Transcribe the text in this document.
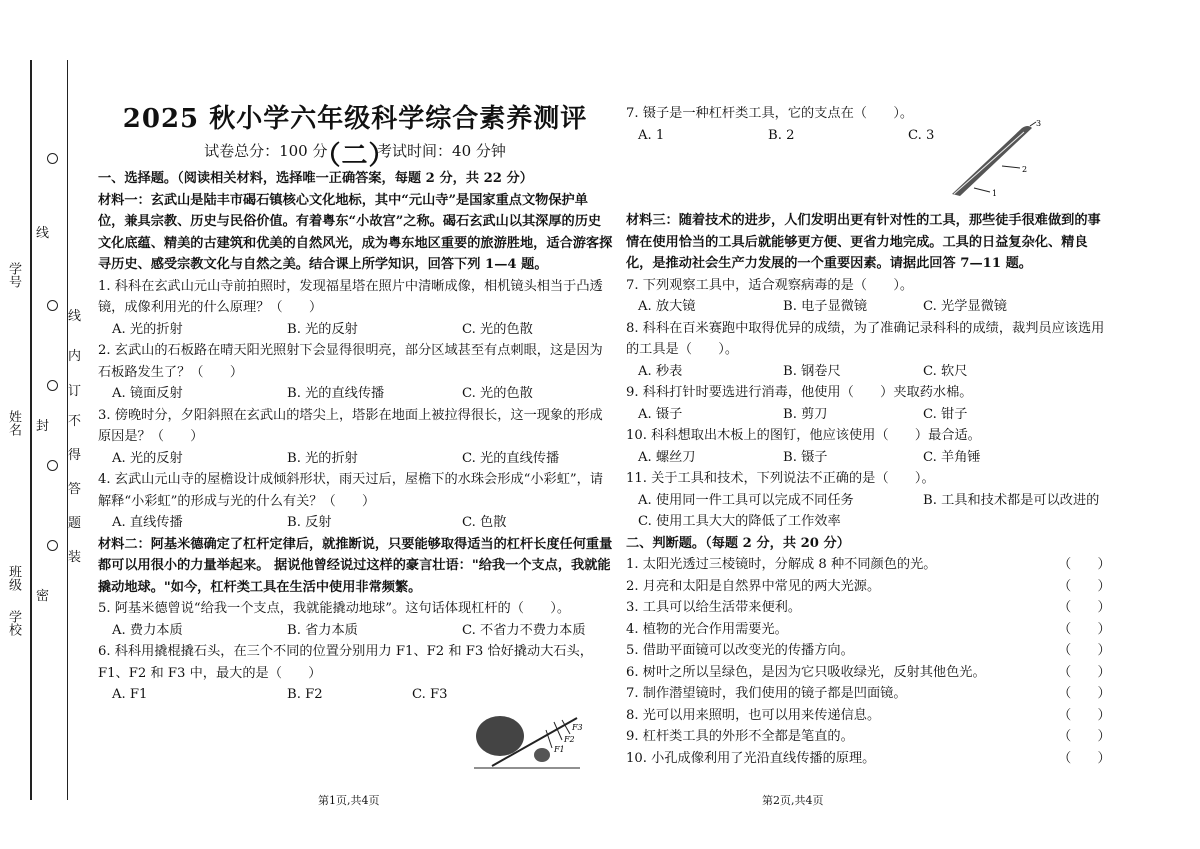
学号
姓名
班级
学校
线
密
封
线
内
不
得
答
题
装
订
2025 秋小学六年级科学综合素养测评（二）
试卷总分：100 分	考试时间：40 分钟

一、选择题。（阅读相关材料，选择唯一正确答案，每题 2 分，共 22 分）

材料一：玄武山是陆丰市碣石镇核心文化地标，其中“元山寺”是国家重点文物保护单位，兼具宗教、历史与民俗价值。有着粤东“小故宫”之称。碣石玄武山以其深厚的历史文化底蕴、精美的古建筑和优美的自然风光，成为粤东地区重要的旅游胜地，适合游客探寻历史、感受宗教文化与自然之美。结合课上所学知识，回答下列 1—4 题。

1. 科科在玄武山元山寺前拍照时，发现福星塔在照片中清晰成像，相机镜头相当于凸透镜，成像利用光的什么原理？（　　）

A. 光的折射	B. 光的反射	C. 光的色散

2. 玄武山的石板路在晴天阳光照射下会显得很明亮，部分区域甚至有点刺眼，这是因为石板路发生了？（　　）

A. 镜面反射	B. 光的直线传播	C. 光的色散

3. 傍晚时分，夕阳斜照在玄武山的塔尖上，塔影在地面上被拉得很长，这一现象的形成原因是？（　　）

A. 光的反射	B. 光的折射	C. 光的直线传播

4. 玄武山元山寺的屋檐设计成倾斜形状，雨天过后，屋檐下的水珠会形成“小彩虹”，请解释“小彩虹”的形成与光的什么有关？（　　）

A. 直线传播	B. 反射	C. 色散

材料二：阿基米德确定了杠杆定律后，就推断说，只要能够取得适当的杠杆长度任何重量都可以用很小的力量举起来。 据说他曾经说过这样的豪言壮语："给我一个支点，我就能撬动地球。"如今，杠杆类工具在生活中使用非常频繁。

5. 阿基米德曾说“给我一个支点，我就能撬动地球”。这句话体现杠杆的（　　）。

A. 费力本质	B. 省力本质	C. 不省力不费力本质

6. 科科用撬棍撬石头，在三个不同的位置分别用力 F1、F2 和 F3 恰好撬动大石头，F1、F2 和 F3 中，最大的是（　　）

A. F1	B. F2	C. F3
F3
F2
F1
第1页,共4页

7. 镊子是一种杠杆类工具，它的支点在（　　）。

A. 1	B. 2	C. 3

材料三：随着技术的进步，人们发明出更有针对性的工具，那些徒手很难做到的事情在使用恰当的工具后就能够更方便、更省力地完成。工具的日益复杂化、精良化，是推动社会生产力发展的一个重要因素。请据此回答 7—11 题。

7. 下列观察工具中，适合观察病毒的是（　　）。

A. 放大镜	B. 电子显微镜	C. 光学显微镜

8. 科科在百米赛跑中取得优异的成绩，为了准确记录科科的成绩，裁判员应该选用的工具是（　　）。

A. 秒表	B. 钢卷尺	C. 软尺

9. 科科打针时要选进行消毒，他使用（　　）夹取药水棉。

A. 镊子	B. 剪刀	C. 钳子

10. 科科想取出木板上的图钉，他应该使用（　　）最合适。

A. 螺丝刀	B. 镊子	C. 羊角锤

11. 关于工具和技术，下列说法不正确的是（　　）。

A. 使用同一件工具可以完成不同任务	B. 工具和技术都是可以改进的
C. 使用工具大大的降低了工作效率

二、判断题。（每题 2 分，共 20 分）

1. 太阳光透过三棱镜时，分解成 8 种不同颜色的光。	（　　）
2. 月亮和太阳是自然界中常见的两大光源。	（　　）
3. 工具可以给生活带来便利。	（　　）
4. 植物的光合作用需要光。	（　　）
5. 借助平面镜可以改变光的传播方向。	（　　）
6. 树叶之所以呈绿色，是因为它只吸收绿光，反射其他色光。	（　　）
7. 制作潜望镜时，我们使用的镜子都是凹面镜。	（　　）
8. 光可以用来照明，也可以用来传递信息。	（　　）
9. 杠杆类工具的外形不全都是笔直的。	（　　）
10. 小孔成像利用了光沿直线传播的原理。	（　　）
3
2
1
第2页,共4页
